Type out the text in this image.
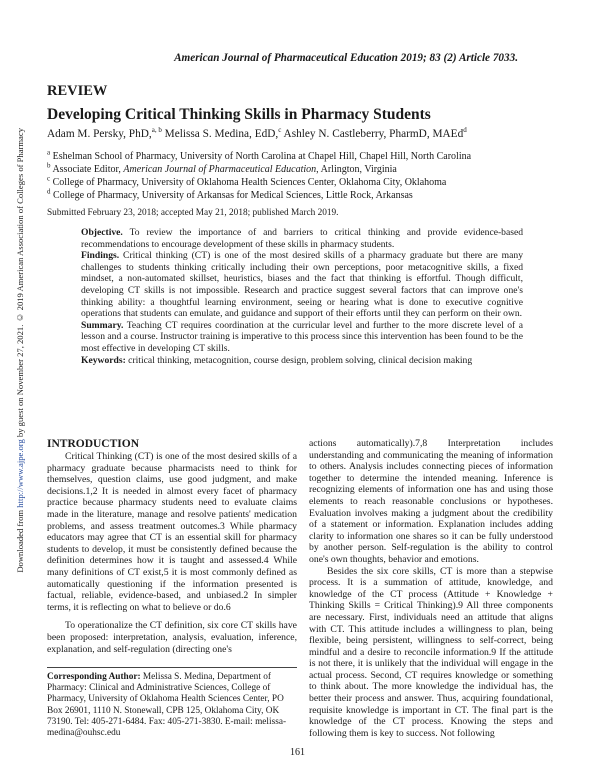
American Journal of Pharmaceutical Education 2019; 83 (2) Article 7033.
REVIEW
Developing Critical Thinking Skills in Pharmacy Students
Adam M. Persky, PhD,$^{a, b}$ Melissa S. Medina, EdD,$^c$ Ashley N. Castleberry, PharmD, MAEd$^d$
$^a$ Eshelman School of Pharmacy, University of North Carolina at Chapel Hill, Chapel Hill, North Carolina
$^b$ Associate Editor, American Journal of Pharmaceutical Education, Arlington, Virginia
$^c$ College of Pharmacy, University of Oklahoma Health Sciences Center, Oklahoma City, Oklahoma
$^d$ College of Pharmacy, University of Arkansas for Medical Sciences, Little Rock, Arkansas
Submitted February 23, 2018; accepted May 21, 2018; published March 2019.

Objective. To review the importance of and barriers to critical thinking and provide evidence-based recommendations to encourage development of these skills in pharmacy students.

Findings. Critical thinking (CT) is one of the most desired skills of a pharmacy graduate but there are many challenges to students thinking critically including their own perceptions, poor metacognitive skills, a fixed mindset, a non-automated skillset, heuristics, biases and the fact that thinking is effortful. Though difficult, developing CT skills is not impossible. Research and practice suggest several factors that can improve one's thinking ability: a thoughtful learning environment, seeing or hearing what is done to executive cognitive operations that students can emulate, and guidance and support of their efforts until they can perform on their own.

Summary. Teaching CT requires coordination at the curricular level and further to the more discrete level of a lesson and a course. Instructor training is imperative to this process since this intervention has been found to be the most effective in developing CT skills.

Keywords: critical thinking, metacognition, course design, problem solving, clinical decision making

INTRODUCTION

Critical Thinking (CT) is one of the most desired skills of a pharmacy graduate because pharmacists need to think for themselves, question claims, use good judgment, and make decisions.1,2 It is needed in almost every facet of pharmacy practice because pharmacy students need to evaluate claims made in the literature, manage and resolve patients' medication problems, and assess treatment outcomes.3 While pharmacy educators may agree that CT is an essential skill for pharmacy students to develop, it must be consistently defined because the definition determines how it is taught and assessed.4 While many definitions of CT exist,5 it is most commonly defined as automatically questioning if the information presented is factual, reliable, evidence-based, and unbiased.2 In simpler terms, it is reflecting on what to believe or do.6

To operationalize the CT definition, six core CT skills have been proposed: interpretation, analysis, evaluation, inference, explanation, and self-regulation (directing one's

actions automatically).7,8 Interpretation includes understanding and communicating the meaning of information to others. Analysis includes connecting pieces of information together to determine the intended meaning. Inference is recognizing elements of information one has and using those elements to reach reasonable conclusions or hypotheses. Evaluation involves making a judgment about the credibility of a statement or information. Explanation includes adding clarity to information one shares so it can be fully understood by another person. Self-regulation is the ability to control one's own thoughts, behavior and emotions.

Besides the six core skills, CT is more than a stepwise process. It is a summation of attitude, knowledge, and knowledge of the CT process (Attitude + Knowledge + Thinking Skills = Critical Thinking).9 All three components are necessary. First, individuals need an attitude that aligns with CT. This attitude includes a willingness to plan, being flexible, being persistent, willingness to self-correct, being mindful and a desire to reconcile information.9 If the attitude is not there, it is unlikely that the individual will engage in the actual process. Second, CT requires knowledge or something to think about. The more knowledge the individual has, the better their process and answer. Thus, acquiring foundational, requisite knowledge is important in CT. The final part is the knowledge of the CT process. Knowing the steps and following them is key to success. Not following

Corresponding Author: Melissa S. Medina, Department of Pharmacy: Clinical and Administrative Sciences, College of Pharmacy, University of Oklahoma Health Sciences Center, PO Box 26901, 1110 N. Stonewall, CPB 125, Oklahoma City, OK 73190. Tel: 405-271-6484. Fax: 405-271-3830. E-mail: melissa-medina@ouhsc.edu
161
Downloaded from http://www.ajpe.org by guest on November 27, 2021. © 2019 American Association of Colleges of Pharmacy
